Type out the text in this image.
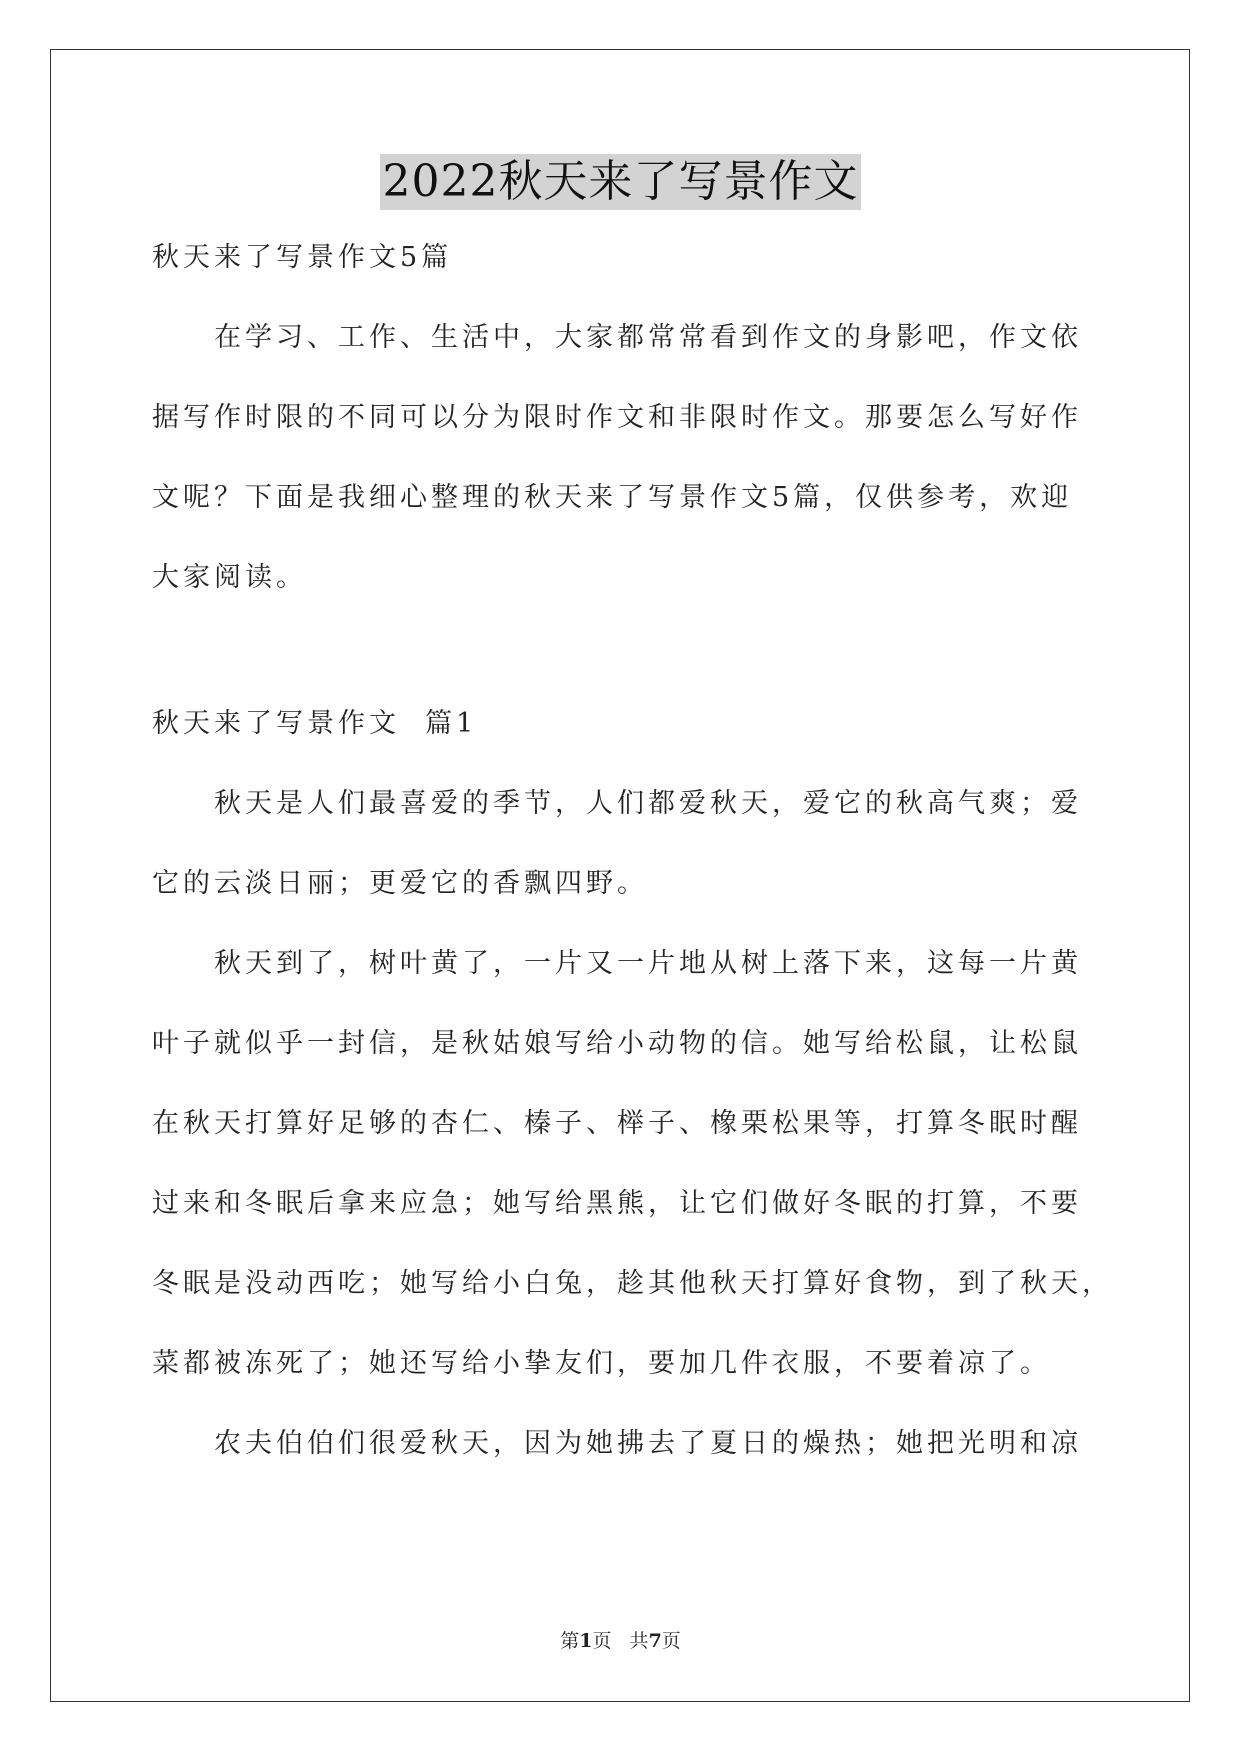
2022秋天来了写景作文
秋天来了写景作文5篇
在学习、工作、生活中，大家都常常看到作文的身影吧，作文依
据写作时限的不同可以分为限时作文和非限时作文。那要怎么写好作
文呢？下面是我细心整理的秋天来了写景作文5篇，仅供参考，欢迎
大家阅读。
秋天来了写景作文  篇1
秋天是人们最喜爱的季节，人们都爱秋天，爱它的秋高气爽；爱
它的云淡日丽；更爱它的香飘四野。
秋天到了，树叶黄了，一片又一片地从树上落下来，这每一片黄
叶子就似乎一封信，是秋姑娘写给小动物的信。她写给松鼠，让松鼠
在秋天打算好足够的杏仁、榛子、榉子、橡栗松果等，打算冬眠时醒
过来和冬眠后拿来应急；她写给黑熊，让它们做好冬眠的打算，不要
冬眠是没动西吃；她写给小白兔，趁其他秋天打算好食物，到了秋天，
菜都被冻死了；她还写给小挚友们，要加几件衣服，不要着凉了。
农夫伯伯们很爱秋天，因为她拂去了夏日的燥热；她把光明和凉
第1页   共7页
